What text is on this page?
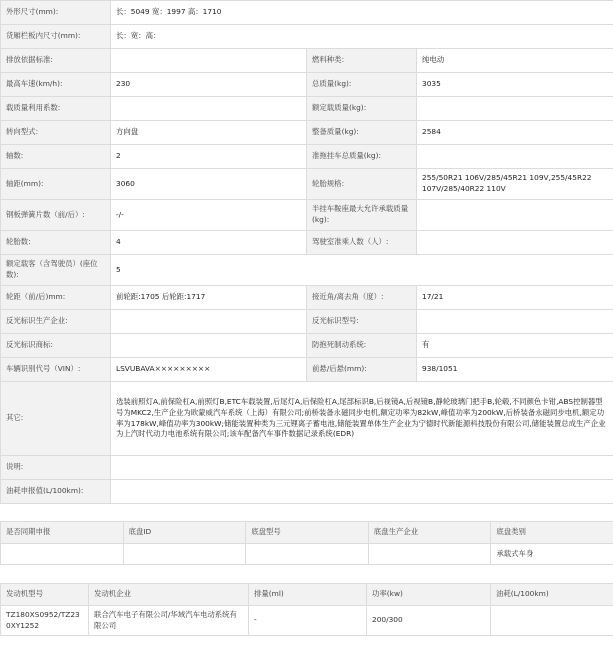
外形尺寸(mm):	长：5049 宽：1997 高：1710		
货厢栏板内尺寸(mm):	长：宽：高：		
排放依据标准:		燃料种类:	纯电动
最高车速(km/h):	230	总质量(kg):	3035
载质量利用系数:		额定载质量(kg):	
转向型式:	方向盘	整备质量(kg):	2584
轴数:	2	准拖挂车总质量(kg):	
轴距(mm):	3060	轮胎规格:	255/50R21 106V/285/45R21 109V,255/45R22 107V/285/40R22 110V
钢板弹簧片数（前/后）:	-/-	半挂车鞍座最大允许承载质量(kg):	
轮胎数:	4	驾驶室准乘人数（人）:	
额定载客（含驾驶员）(座位数):	5		
轮距（前/后)mm:	前轮距:1705 后轮距:1717	接近角/离去角（度）:	17/21
反光标识生产企业:		反光标识型号:	
反光标识商标:		防抱死制动系统:	有
车辆识别代号（VIN）:	LSVUBAVA×××××××××	前悬/后悬(mm):	938/1051
其它:	选装前照灯A,前保险杠A,前照灯B,ETC车载装置,后尾灯A,后保险杠A,尾部标识B,后视镜A,后视镜B,静轮玻璃门把手B,轮毂,不同颜色卡钳,ABS控制器型号为MKC2,生产企业为欧蒙威汽车系统（上海）有限公司;前桥装备永磁同步电机,额定功率为82kW,峰值功率为200kW,后桥装备永磁同步电机,额定功率为178kW,峰值功率为300kW;储能装置种类为三元锂离子蓄电池,储能装置单体生产企业为宁德时代新能源科技股份有限公司,储能装置总成生产企业为上汽时代动力电池系统有限公司;该车配备汽车事件数据记录系统(EDR)		
说明:			
油耗申报值(L/100km):			
是否同期申报	底盘ID	底盘型号	底盘生产企业	底盘类别
				承载式车身
发动机型号	发动机企业	排量(ml)	功率(kw)	油耗(L/100km)
TZ180XS0952/TZ230XY1252	联合汽车电子有限公司/华域汽车电动系统有限公司	-	200/300	
